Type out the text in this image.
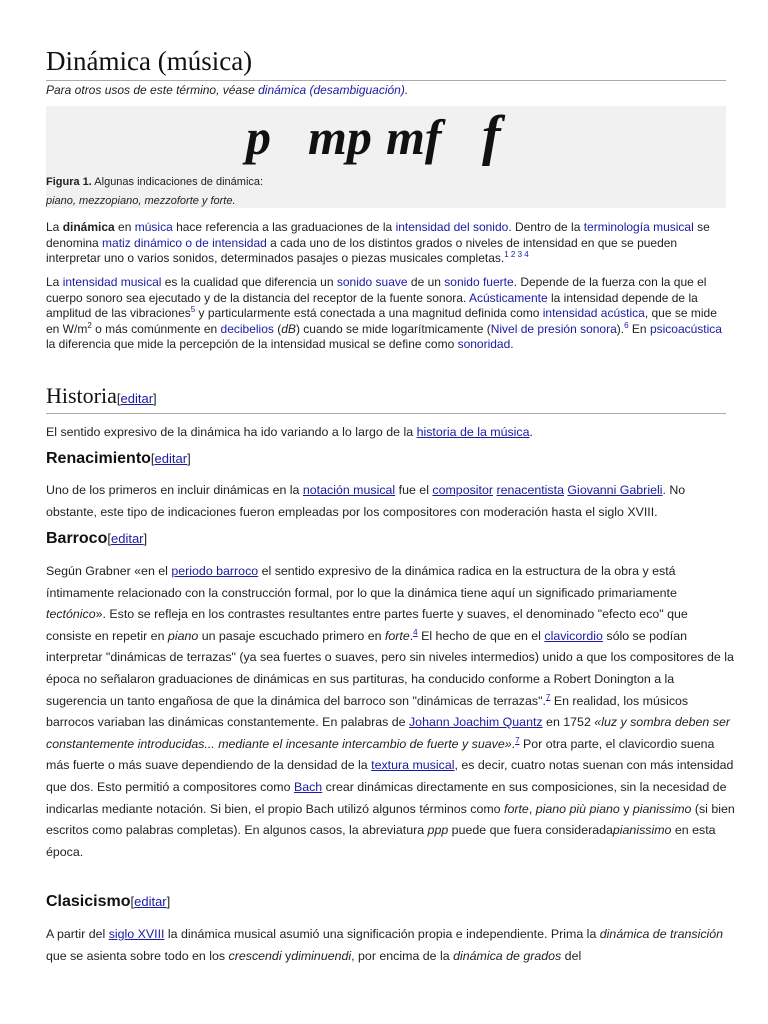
Dinámica (música)
Para otros usos de este término, véase dinámica (desambiguación).
p mp mf f
Figura 1. Algunas indicaciones de dinámica:
piano, mezzopiano, mezzoforte y forte.

La dinámica en música hace referencia a las graduaciones de la intensidad del sonido. Dentro de la terminología musical se denomina matiz dinámico o de intensidad a cada uno de los distintos grados o niveles de intensidad en que se pueden interpretar uno o varios sonidos, determinados pasajes o piezas musicales completas.$^{1 2 3 4}$

La intensidad musical es la cualidad que diferencia un sonido suave de un sonido fuerte. Depende de la fuerza con la que el cuerpo sonoro sea ejecutado y de la distancia del receptor de la fuente sonora. Acústicamente la intensidad depende de la amplitud de las vibraciones$^5$ y particularmente está conectada a una magnitud definida como intensidad acústica, que se mide en $W/m^2$ o más comúnmente en decibelios (dB) cuando se mide logarítmicamente (Nivel de presión sonora).$^6$ En psicoacústica la diferencia que mide la percepción de la intensidad musical se define como sonoridad.

Historia[editar]

El sentido expresivo de la dinámica ha ido variando a lo largo de la historia de la música.

Renacimiento[editar]

Uno de los primeros en incluir dinámicas en la notación musical fue el compositor renacentista Giovanni Gabrieli. No obstante, este tipo de indicaciones fueron empleadas por los compositores con moderación hasta el siglo XVIII.

Barroco[editar]

Según Grabner «en el periodo barroco el sentido expresivo de la dinámica radica en la estructura de la obra y está íntimamente relacionado con la construcción formal, por lo que la dinámica tiene aquí un significado primariamente tectónico». Esto se refleja en los contrastes resultantes entre partes fuerte y suaves, el denominado "efecto eco" que consiste en repetir en piano un pasaje escuchado primero en forte.$^4$ El hecho de que en el clavicordio sólo se podían interpretar "dinámicas de terrazas" (ya sea fuertes o suaves, pero sin niveles intermedios) unido a que los compositores de la época no señalaron graduaciones de dinámicas en sus partituras, ha conducido conforme a Robert Donington a la sugerencia un tanto engañosa de que la dinámica del barroco son "dinámicas de terrazas".$^7$ En realidad, los músicos barrocos variaban las dinámicas constantemente. En palabras de Johann Joachim Quantz en 1752 «luz y sombra deben ser constantemente introducidas... mediante el incesante intercambio de fuerte y suave».$^7$ Por otra parte, el clavicordio suena más fuerte o más suave dependiendo de la densidad de la textura musical, es decir, cuatro notas suenan con más intensidad que dos. Esto permitió a compositores como Bach crear dinámicas directamente en sus composiciones, sin la necesidad de indicarlas mediante notación. Si bien, el propio Bach utilizó algunos términos como forte, piano più piano y pianissimo (si bien escritos como palabras completas). En algunos casos, la abreviatura ppp puede que fuera consideradapianissimo en esta época.

Clasicismo[editar]

A partir del siglo XVIII la dinámica musical asumió una significación propia e independiente. Prima la dinámica de transición que se asienta sobre todo en los crescendi ydiminuendi, por encima de la dinámica de grados del
